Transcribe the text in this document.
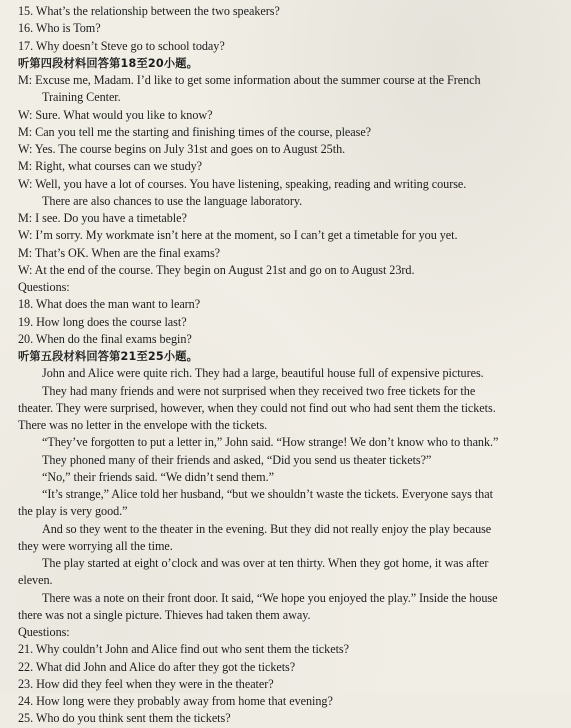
15. What’s the relationship between the two speakers?
16. Who is Tom?
17. Why doesn’t Steve go to school today?
听第四段材料回答第18至20小题。
M: Excuse me, Madam. I’d like to get some information about the summer course at the French
Training Center.
W: Sure. What would you like to know?
M: Can you tell me the starting and finishing times of the course, please?
W: Yes. The course begins on July 31st and goes on to August 25th.
M: Right, what courses can we study?
W: Well, you have a lot of courses. You have listening, speaking, reading and writing course.
There are also chances to use the language laboratory.
M: I see. Do you have a timetable?
W: I’m sorry. My workmate isn’t here at the moment, so I can’t get a timetable for you yet.
M: That’s OK. When are the final exams?
W: At the end of the course. They begin on August 21st and go on to August 23rd.
Questions:
18. What does the man want to learn?
19. How long does the course last?
20. When do the final exams begin?
听第五段材料回答第21至25小题。
John and Alice were quite rich. They had a large, beautiful house full of expensive pictures.
They had many friends and were not surprised when they received two free tickets for the
theater. They were surprised, however, when they could not find out who had sent them the tickets.
There was no letter in the envelope with the tickets.
“They’ve forgotten to put a letter in,” John said. “How strange! We don’t know who to thank.”
They phoned many of their friends and asked, “Did you send us theater tickets?”
“No,” their friends said. “We didn’t send them.”
“It’s strange,” Alice told her husband, “but we shouldn’t waste the tickets. Everyone says that
the play is very good.”
And so they went to the theater in the evening. But they did not really enjoy the play because
they were worrying all the time.
The play started at eight o’clock and was over at ten thirty. When they got home, it was after
eleven.
There was a note on their front door. It said, “We hope you enjoyed the play.” Inside the house
there was not a single picture. Thieves had taken them away.
Questions:
21. Why couldn’t John and Alice find out who sent them the tickets?
22. What did John and Alice do after they got the tickets?
23. How did they feel when they were in the theater?
24. How long were they probably away from home that evening?
25. Who do you think sent them the tickets?
